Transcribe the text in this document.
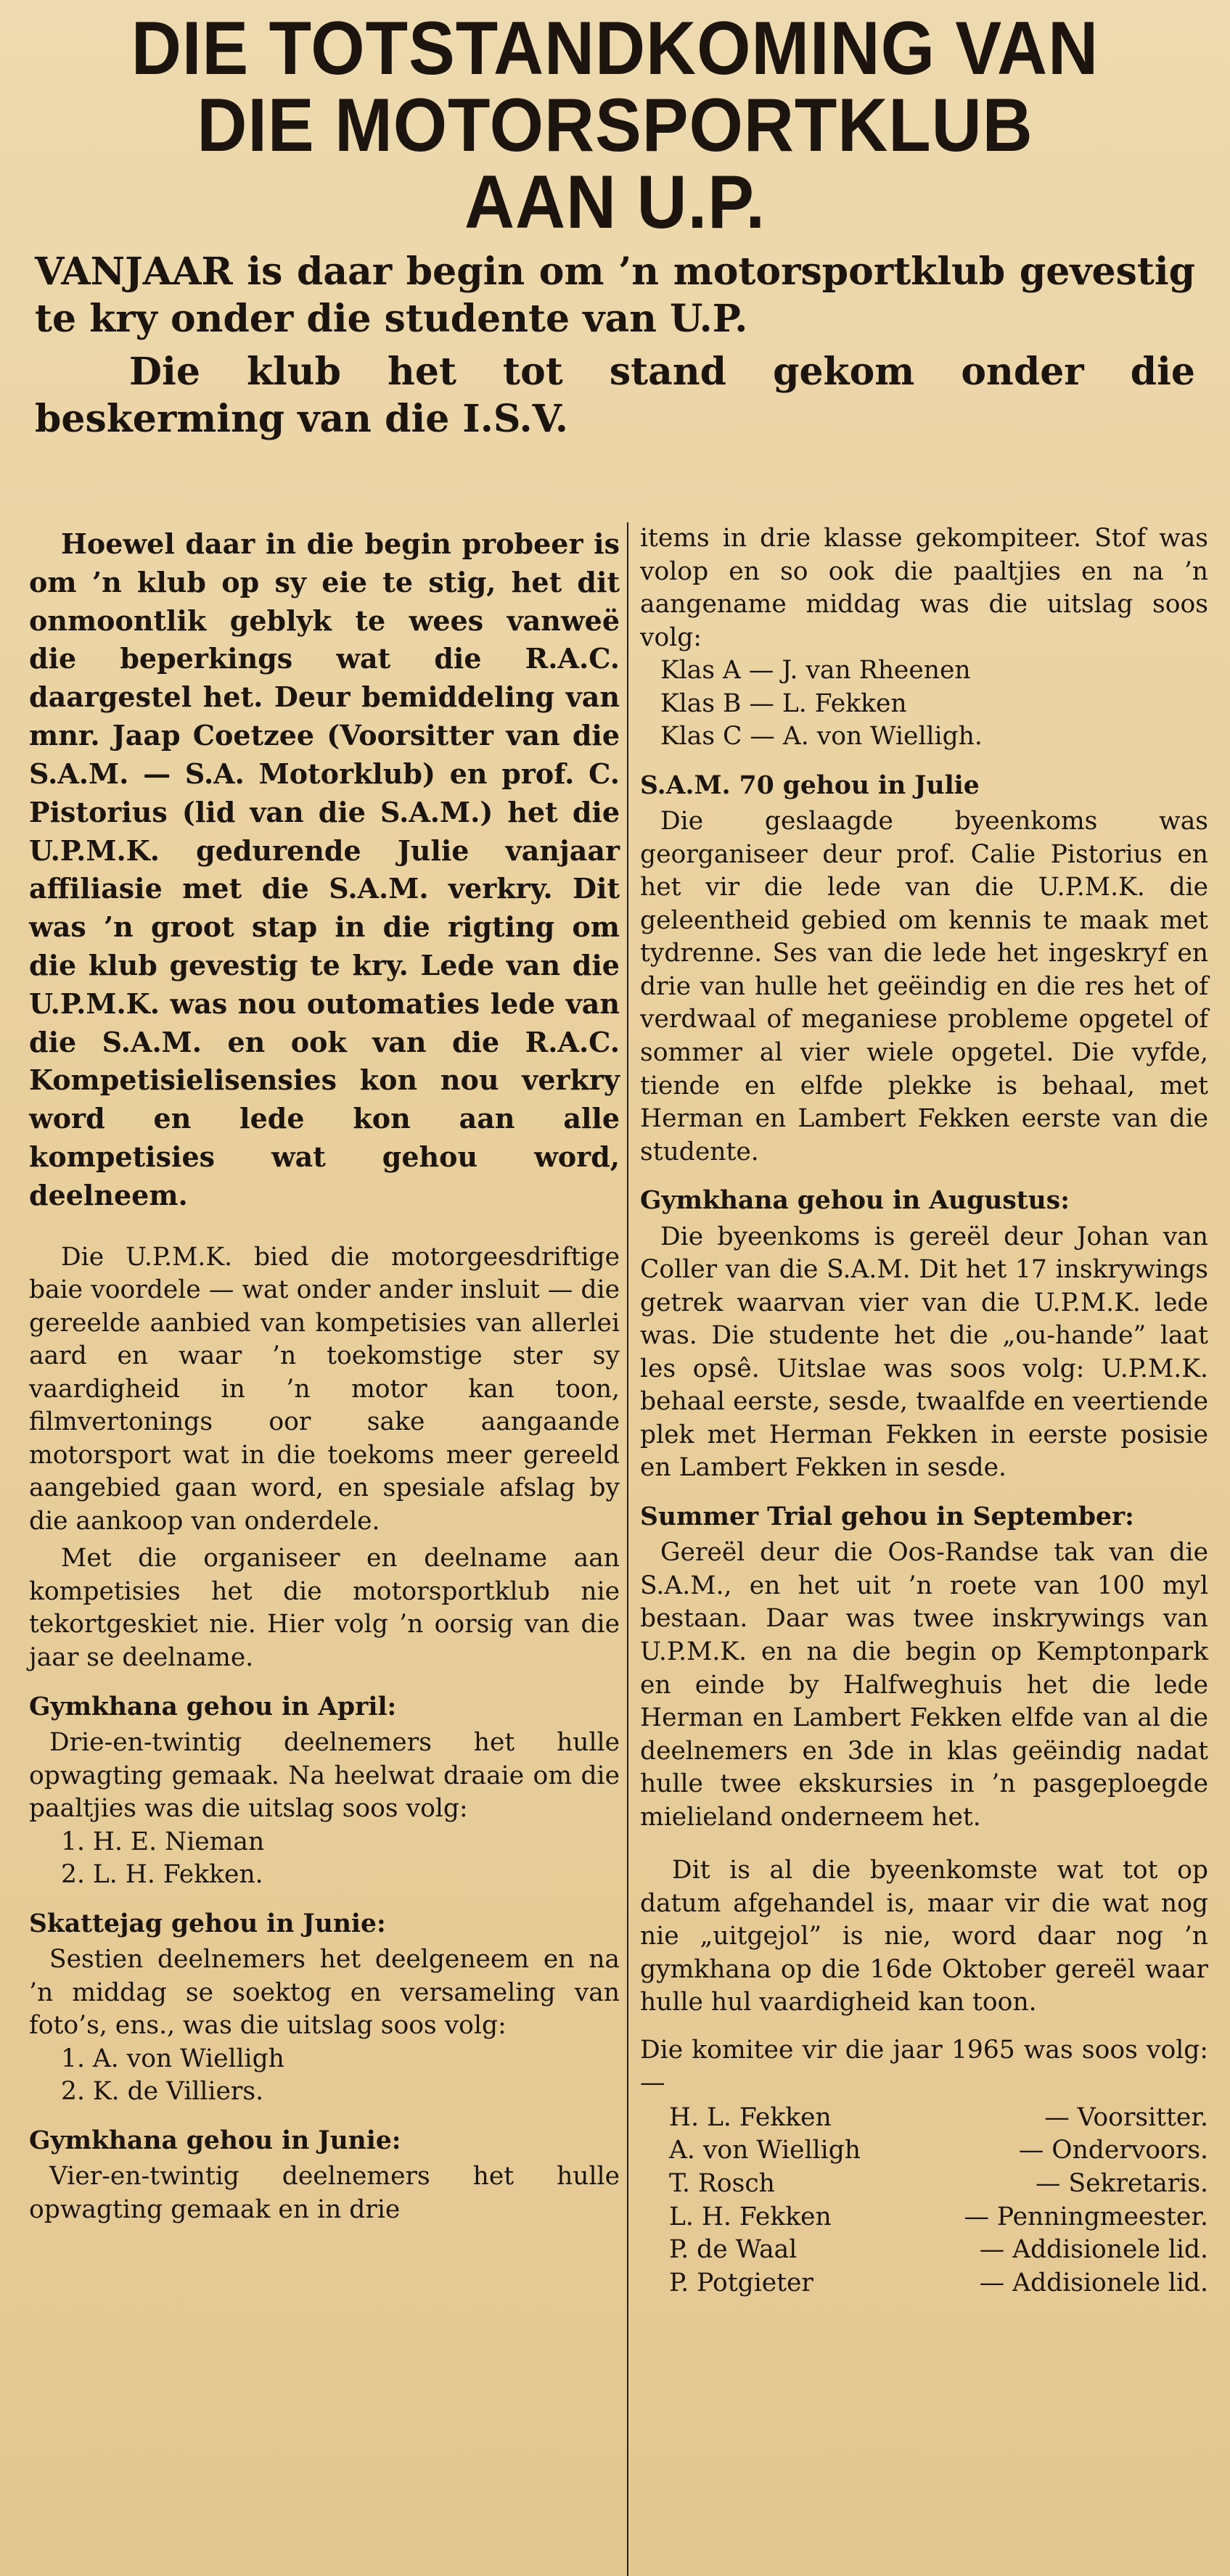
DIE TOTSTANDKOMING VAN
DIE MOTORSPORTKLUB
AAN U.P.

VANJAAR is daar begin om ’n motorsportklub gevestig te kry onder die studente van U.P.

Die klub het tot stand gekom onder die beskerming van die I.S.V.

Hoewel daar in die begin probeer is om ’n klub op sy eie te stig, het dit onmoontlik geblyk te wees vanweë die beperkings wat die R.A.C. daargestel het. Deur bemiddeling van mnr. Jaap Coetzee (Voorsitter van die S.A.M. — S.A. Motorklub) en prof. C. Pistorius (lid van die S.A.M.) het die U.P.M.K. gedurende Julie vanjaar affiliasie met die S.A.M. verkry. Dit was ’n groot stap in die rigting om die klub gevestig te kry. Lede van die U.P.M.K. was nou outomaties lede van die S.A.M. en ook van die R.A.C. Kompetisielisensies kon nou verkry word en lede kon aan alle kompetisies wat gehou word, deelneem.

Die U.P.M.K. bied die motorgeesdriftige baie voordele — wat onder ander insluit — die gereelde aanbied van kompetisies van allerlei aard en waar ’n toekomstige ster sy vaardigheid in ’n motor kan toon, filmvertonings oor sake aangaande motorsport wat in die toekoms meer gereeld aangebied gaan word, en spesiale afslag by die aankoop van onderdele.

Met die organiseer en deelname aan kompetisies het die motorsportklub nie tekortgeskiet nie. Hier volg ’n oorsig van die jaar se deelname.

Gymkhana gehou in April:

Drie-en-twintig deelnemers het hulle opwagting gemaak. Na heelwat draaie om die paaltjies was die uitslag soos volg:

1. H. E. Nieman
2. L. H. Fekken.
Skattejag gehou in Junie:

Sestien deelnemers het deelgeneem en na ’n middag se soektog en versameling van foto’s, ens., was die uitslag soos volg:

1. A. von Wielligh
2. K. de Villiers.
Gymkhana gehou in Junie:

Vier-en-twintig deelnemers het hulle opwagting gemaak en in drie

items in drie klasse gekompiteer. Stof was volop en so ook die paaltjies en na ’n aangename middag was die uitslag soos volg:

Klas A — J. van Rheenen
Klas B — L. Fekken
Klas C — A. von Wielligh.
S.A.M. 70 gehou in Julie

Die geslaagde byeenkoms was georganiseer deur prof. Calie Pistorius en het vir die lede van die U.P.M.K. die geleentheid gebied om kennis te maak met tydrenne. Ses van die lede het ingeskryf en drie van hulle het geëindig en die res het of verdwaal of meganiese probleme opgetel of sommer al vier wiele opgetel. Die vyfde, tiende en elfde plekke is behaal, met Herman en Lambert Fekken eerste van die studente.

Gymkhana gehou in Augustus:

Die byeenkoms is gereël deur Johan van Coller van die S.A.M. Dit het 17 inskrywings getrek waarvan vier van die U.P.M.K. lede was. Die studente het die „ou-hande” laat les opsê. Uitslae was soos volg: U.P.M.K. behaal eerste, sesde, twaalfde en veertiende plek met Herman Fekken in eerste posisie en Lambert Fekken in sesde.

Summer Trial gehou in September:

Gereël deur die Oos-Randse tak van die S.A.M., en het uit ’n roete van 100 myl bestaan. Daar was twee inskrywings van U.P.M.K. en na die begin op Kemptonpark en einde by Halfweghuis het die lede Herman en Lambert Fekken elfde van al die deelnemers en 3de in klas geëindig nadat hulle twee ekskursies in ’n pasgeploegde mielieland onderneem het.

Dit is al die byeenkomste wat tot op datum afgehandel is, maar vir die wat nog nie „uitgejol” is nie, word daar nog ’n gymkhana op die 16de Oktober gereël waar hulle hul vaardigheid kan toon.

Die komitee vir die jaar 1965 was soos volg:—

H. L. Fekken	— Voorsitter.
A. von Wielligh	— Ondervoors.
T. Rosch	— Sekretaris.
L. H. Fekken	— Penningmeester.
P. de Waal	— Addisionele lid.
P. Potgieter	— Addisionele lid.
